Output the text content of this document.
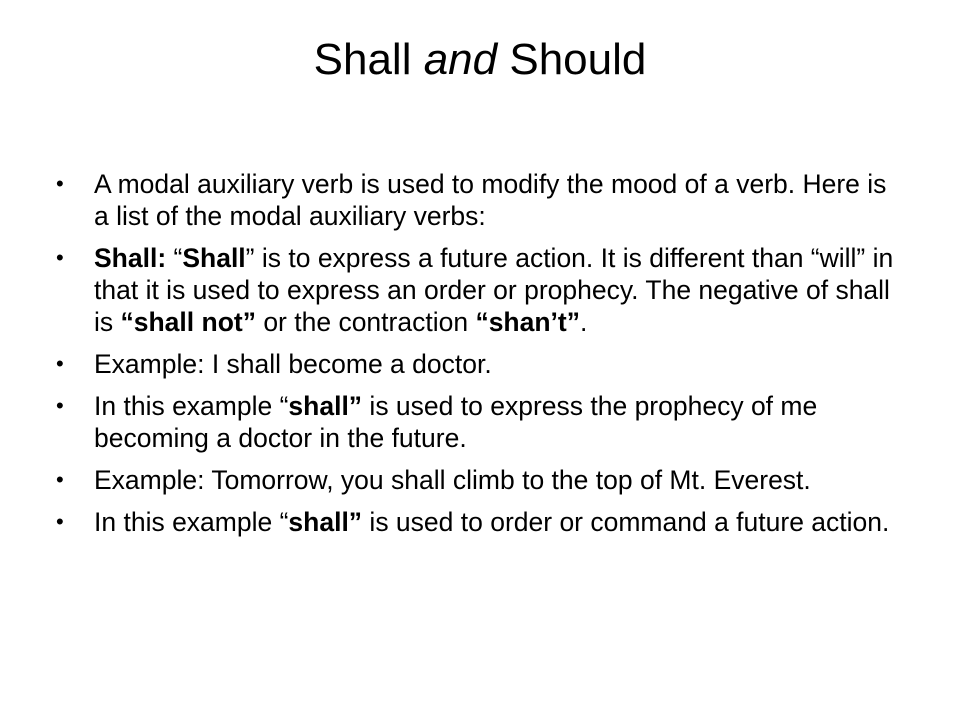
Shall and Should
• A modal auxiliary verb is used to modify the mood of a verb. Here is a list of the modal auxiliary verbs:
• Shall: “Shall” is to express a future action. It is different than “will” in that it is used to express an order or prophecy. The negative of shall is “shall not” or the contraction “shan’t”.
• Example: I shall become a doctor.
• In this example “shall” is used to express the prophecy of me becoming a doctor in the future.
• Example: Tomorrow, you shall climb to the top of Mt. Everest.
• In this example “shall” is used to order or command a future action.
